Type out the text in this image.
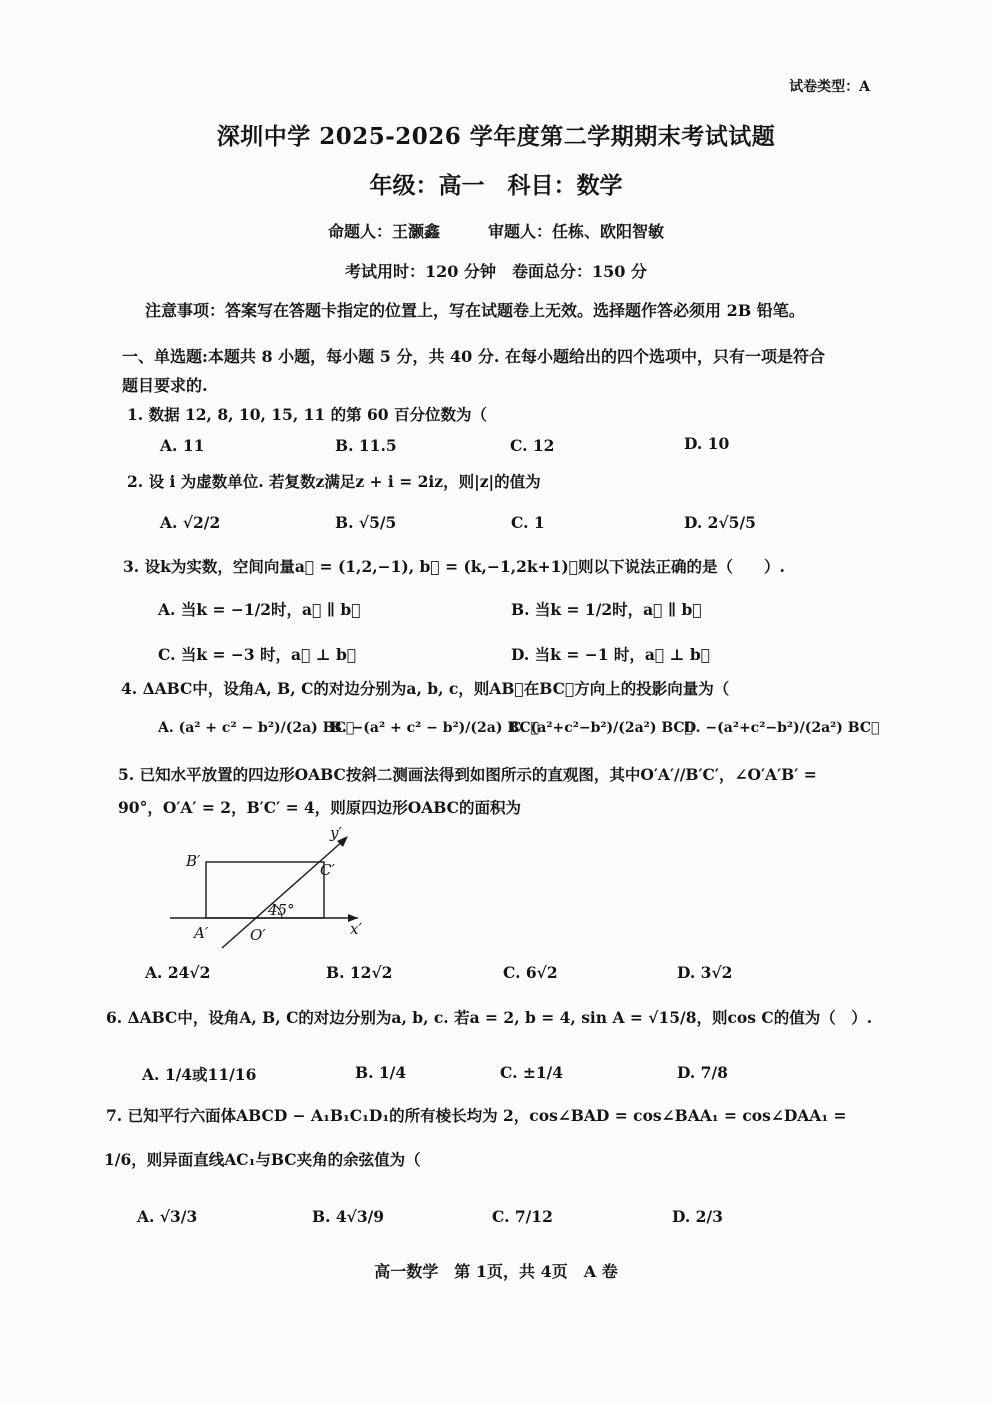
试卷类型：A
深圳中学 2025-2026 学年度第二学期期末考试试题
年级：高一　科目：数学
命题人：王灏鑫　　　审题人：任栋、欧阳智敏
考试用时：120 分钟　卷面总分：150 分
注意事项：答案写在答题卡指定的位置上，写在试题卷上无效。选择题作答必须用 2B 铅笔。
一、单选题:本题共 8 小题，每小题 5 分，共 40 分. 在每小题给出的四个选项中，只有一项是符合
题目要求的.
1. 数据 12, 8, 10, 15, 11 的第 60 百分位数为（
A. 11	B. 11.5	C. 12	D. 10
2. 设 i 为虚数单位. 若复数z满足z + i = 2iz，则|z|的值为
A. √2/2	B. √5/5	C. 1	D. 2√5/5
3. 设k为实数，空间向量a⃗ = (1,2,−1), b⃗ = (k,−1,2k+1)，则以下说法正确的是（　　）.
A. 当k = −1/2时，a⃗ ∥ b⃗	B. 当k = 1/2时，a⃗ ∥ b⃗
C. 当k = −3 时，a⃗ ⊥ b⃗	D. 当k = −1 时，a⃗ ⊥ b⃗
4. ΔABC中，设角A, B, C的对边分别为a, b, c，则AB⃗在BC⃗方向上的投影向量为（
A. (a² + c² − b²)/(2a) BC⃗
B. −(a² + c² − b²)/(2a) BC⃗
C. (a²+c²−b²)/(2a²) BC⃗
D. −(a²+c²−b²)/(2a²) BC⃗
5. 已知水平放置的四边形OABC按斜二测画法得到如图所示的直观图，其中O′A′//B′C′，∠O′A′B′ =
90°，O′A′ = 2，B′C′ = 4，则原四边形OABC的面积为
B′	C′
y′
45°
A′	O′	x′
A. 24√2	B. 12√2	C. 6√2	D. 3√2
6. ΔABC中，设角A, B, C的对边分别为a, b, c. 若a = 2, b = 4, sin A = √15/8，则cos C的值为（　）.
A. 1/4或11/16	B. 1/4	C. ±1/4	D. 7/8
7. 已知平行六面体ABCD − A₁B₁C₁D₁的所有棱长均为 2，cos∠BAD = cos∠BAA₁ = cos∠DAA₁ =
1/6，则异面直线AC₁与BC夹角的余弦值为（
A. √3/3	B. 4√3/9	C. 7/12	D. 2/3
高一数学　第 1页，共 4页　A 卷
